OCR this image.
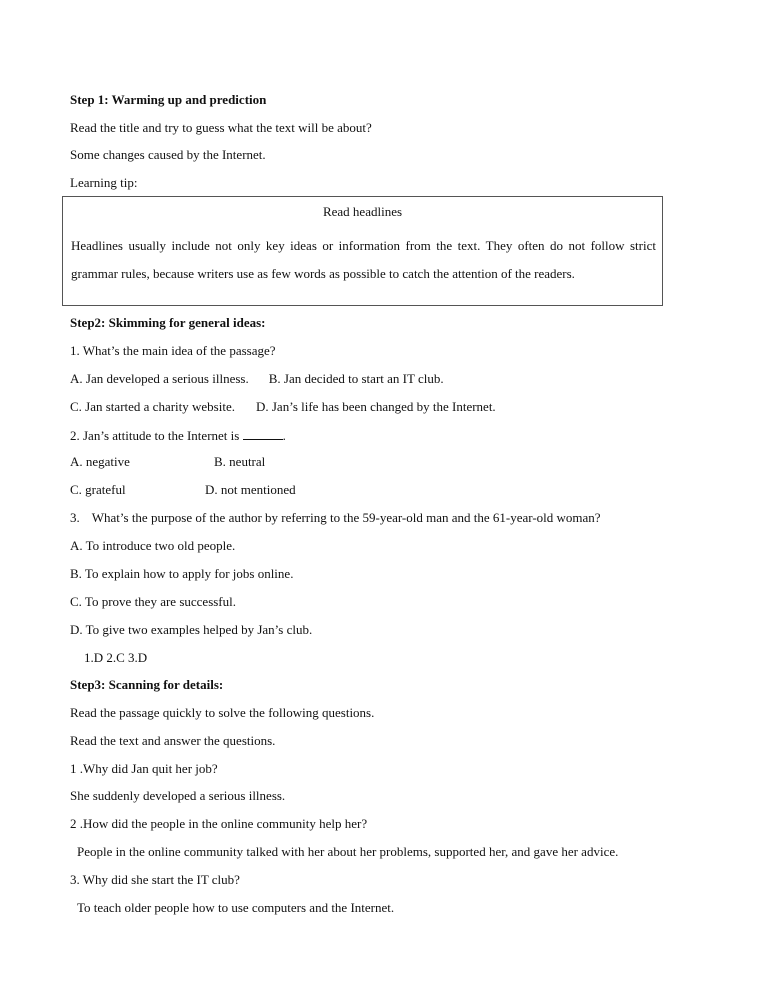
Step 1: Warming up and prediction
Read the title and try to guess what the text will be about?
Some changes caused by the Internet.
Learning tip:
Read headlines
Headlines usually include not only key ideas or information from the text. They often do not follow strict grammar rules, because writers use as few words as possible to catch the attention of the readers.
Step2: Skimming for general ideas:
1. What’s the main idea of the passage?
A. Jan developed a serious illness. B. Jan decided to start an IT club.
C. Jan started a charity website. D. Jan’s life has been changed by the Internet.
2. Jan’s attitude to the Internet is	.
A. negative	B. neutral
C. grateful	D. not mentioned
3. What’s the purpose of the author by referring to the 59-year-old man and the 61-year-old woman?
A. To introduce two old people.
B. To explain how to apply for jobs online.
C. To prove they are successful.
D. To give two examples helped by Jan’s club.
1.D 2.C 3.D
Step3: Scanning for details:
Read the passage quickly to solve the following questions.
Read the text and answer the questions.
1 .Why did Jan quit her job?
She suddenly developed a serious illness.
2 .How did the people in the online community help her?
People in the online community talked with her about her problems, supported her, and gave her advice.
3. Why did she start the IT club?
To teach older people how to use computers and the Internet.
